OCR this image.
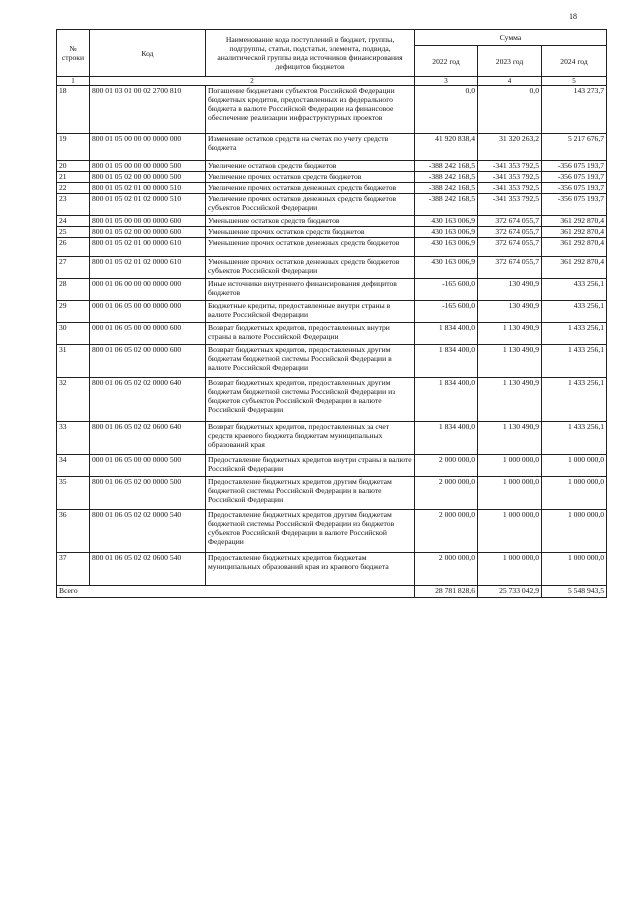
18
№ строки	Код	Наименование кода поступлений в бюджет, группы, подгруппы, статьи, подстатьи, элемента, подвида, аналитической группы вида источников финансирования дефицитов бюджетов	Сумма		
			2022 год	2023 год	2024 год
1	2		3	4	5
18	800 01 03 01 00 02 2700 810	Погашение бюджетами субъектов Российской Федерации бюджетных кредитов, предоставленных из федерального бюджета в валюте Российской Федерации на финансовое обеспечение реализации инфраструктурных проектов	0,0	0,0	143 273,7
19	800 01 05 00 00 00 0000 000	Изменение остатков средств на счетах по учету средств бюджета	41 920 838,4	31 320 263,2	5 217 676,7
20	800 01 05 00 00 00 0000 500	Увеличение остатков средств бюджетов	-388 242 168,5	-341 353 792,5	-356 075 193,7
21	800 01 05 02 00 00 0000 500	Увеличение прочих остатков средств бюджетов	-388 242 168,5	-341 353 792,5	-356 075 193,7
22	800 01 05 02 01 00 0000 510	Увеличение прочих остатков денежных средств бюджетов	-388 242 168,5	-341 353 792,5	-356 075 193,7
23	800 01 05 02 01 02 0000 510	Увеличение прочих остатков денежных средств бюджетов субъектов Российской Федерации	-388 242 168,5	-341 353 792,5	-356 075 193,7
24	800 01 05 00 00 00 0000 600	Уменьшение остатков средств бюджетов	430 163 006,9	372 674 055,7	361 292 870,4
25	800 01 05 02 00 00 0000 600	Уменьшение прочих остатков средств бюджетов	430 163 006,9	372 674 055,7	361 292 870,4
26	800 01 05 02 01 00 0000 610	Уменьшение прочих остатков денежных средств бюджетов	430 163 006,9	372 674 055,7	361 292 870,4
27	800 01 05 02 01 02 0000 610	Уменьшение прочих остатков денежных средств бюджетов субъектов Российской Федерации	430 163 006,9	372 674 055,7	361 292 870,4
28	000 01 06 00 00 00 0000 000	Иные источники внутреннего финансирования дефицитов бюджетов	-165 600,0	130 490,9	433 256,1
29	000 01 06 05 00 00 0000 000	Бюджетные кредиты, предоставленные внутри страны в валюте Российской Федерации	-165 600,0	130 490,9	433 256,1
30	000 01 06 05 00 00 0000 600	Возврат бюджетных кредитов, предоставленных внутри страны в валюте Российской Федерации	1 834 400,0	1 130 490,9	1 433 256,1
31	800 01 06 05 02 00 0000 600	Возврат бюджетных кредитов, предоставленных другим бюджетам бюджетной системы Российской Федерации в валюте Российской Федерации	1 834 400,0	1 130 490,9	1 433 256,1
32	800 01 06 05 02 02 0000 640	Возврат бюджетных кредитов, предоставленных другим бюджетам бюджетной системы Российской Федерации из бюджетов субъектов Российской Федерации в валюте Российской Федерации	1 834 400,0	1 130 490,9	1 433 256,1
33	800 01 06 05 02 02 0600 640	Возврат бюджетных кредитов, предоставленных за счет средств краевого бюджета бюджетам муниципальных образований края	1 834 400,0	1 130 490,9	1 433 256,1
34	000 01 06 05 00 00 0000 500	Предоставление бюджетных кредитов внутри страны в валюте Российской Федерации	2 000 000,0	1 000 000,0	1 000 000,0
35	800 01 06 05 02 00 0000 500	Предоставление бюджетных кредитов другим бюджетам бюджетной системы Российской Федерации в валюте Российской Федерации	2 000 000,0	1 000 000,0	1 000 000,0
36	800 01 06 05 02 02 0000 540	Предоставление бюджетных кредитов другим бюджетам бюджетной системы Российской Федерации из бюджетов субъектов Российской Федерации в валюте Российской Федерации	2 000 000,0	1 000 000,0	1 000 000,0
37	800 01 06 05 02 02 0600 540	Предоставление бюджетных кредитов бюджетам муниципальных образований края из краевого бюджета	2 000 000,0	1 000 000,0	1 000 000,0
Всего			28 781 828,6	25 733 042,9	5 548 943,5
